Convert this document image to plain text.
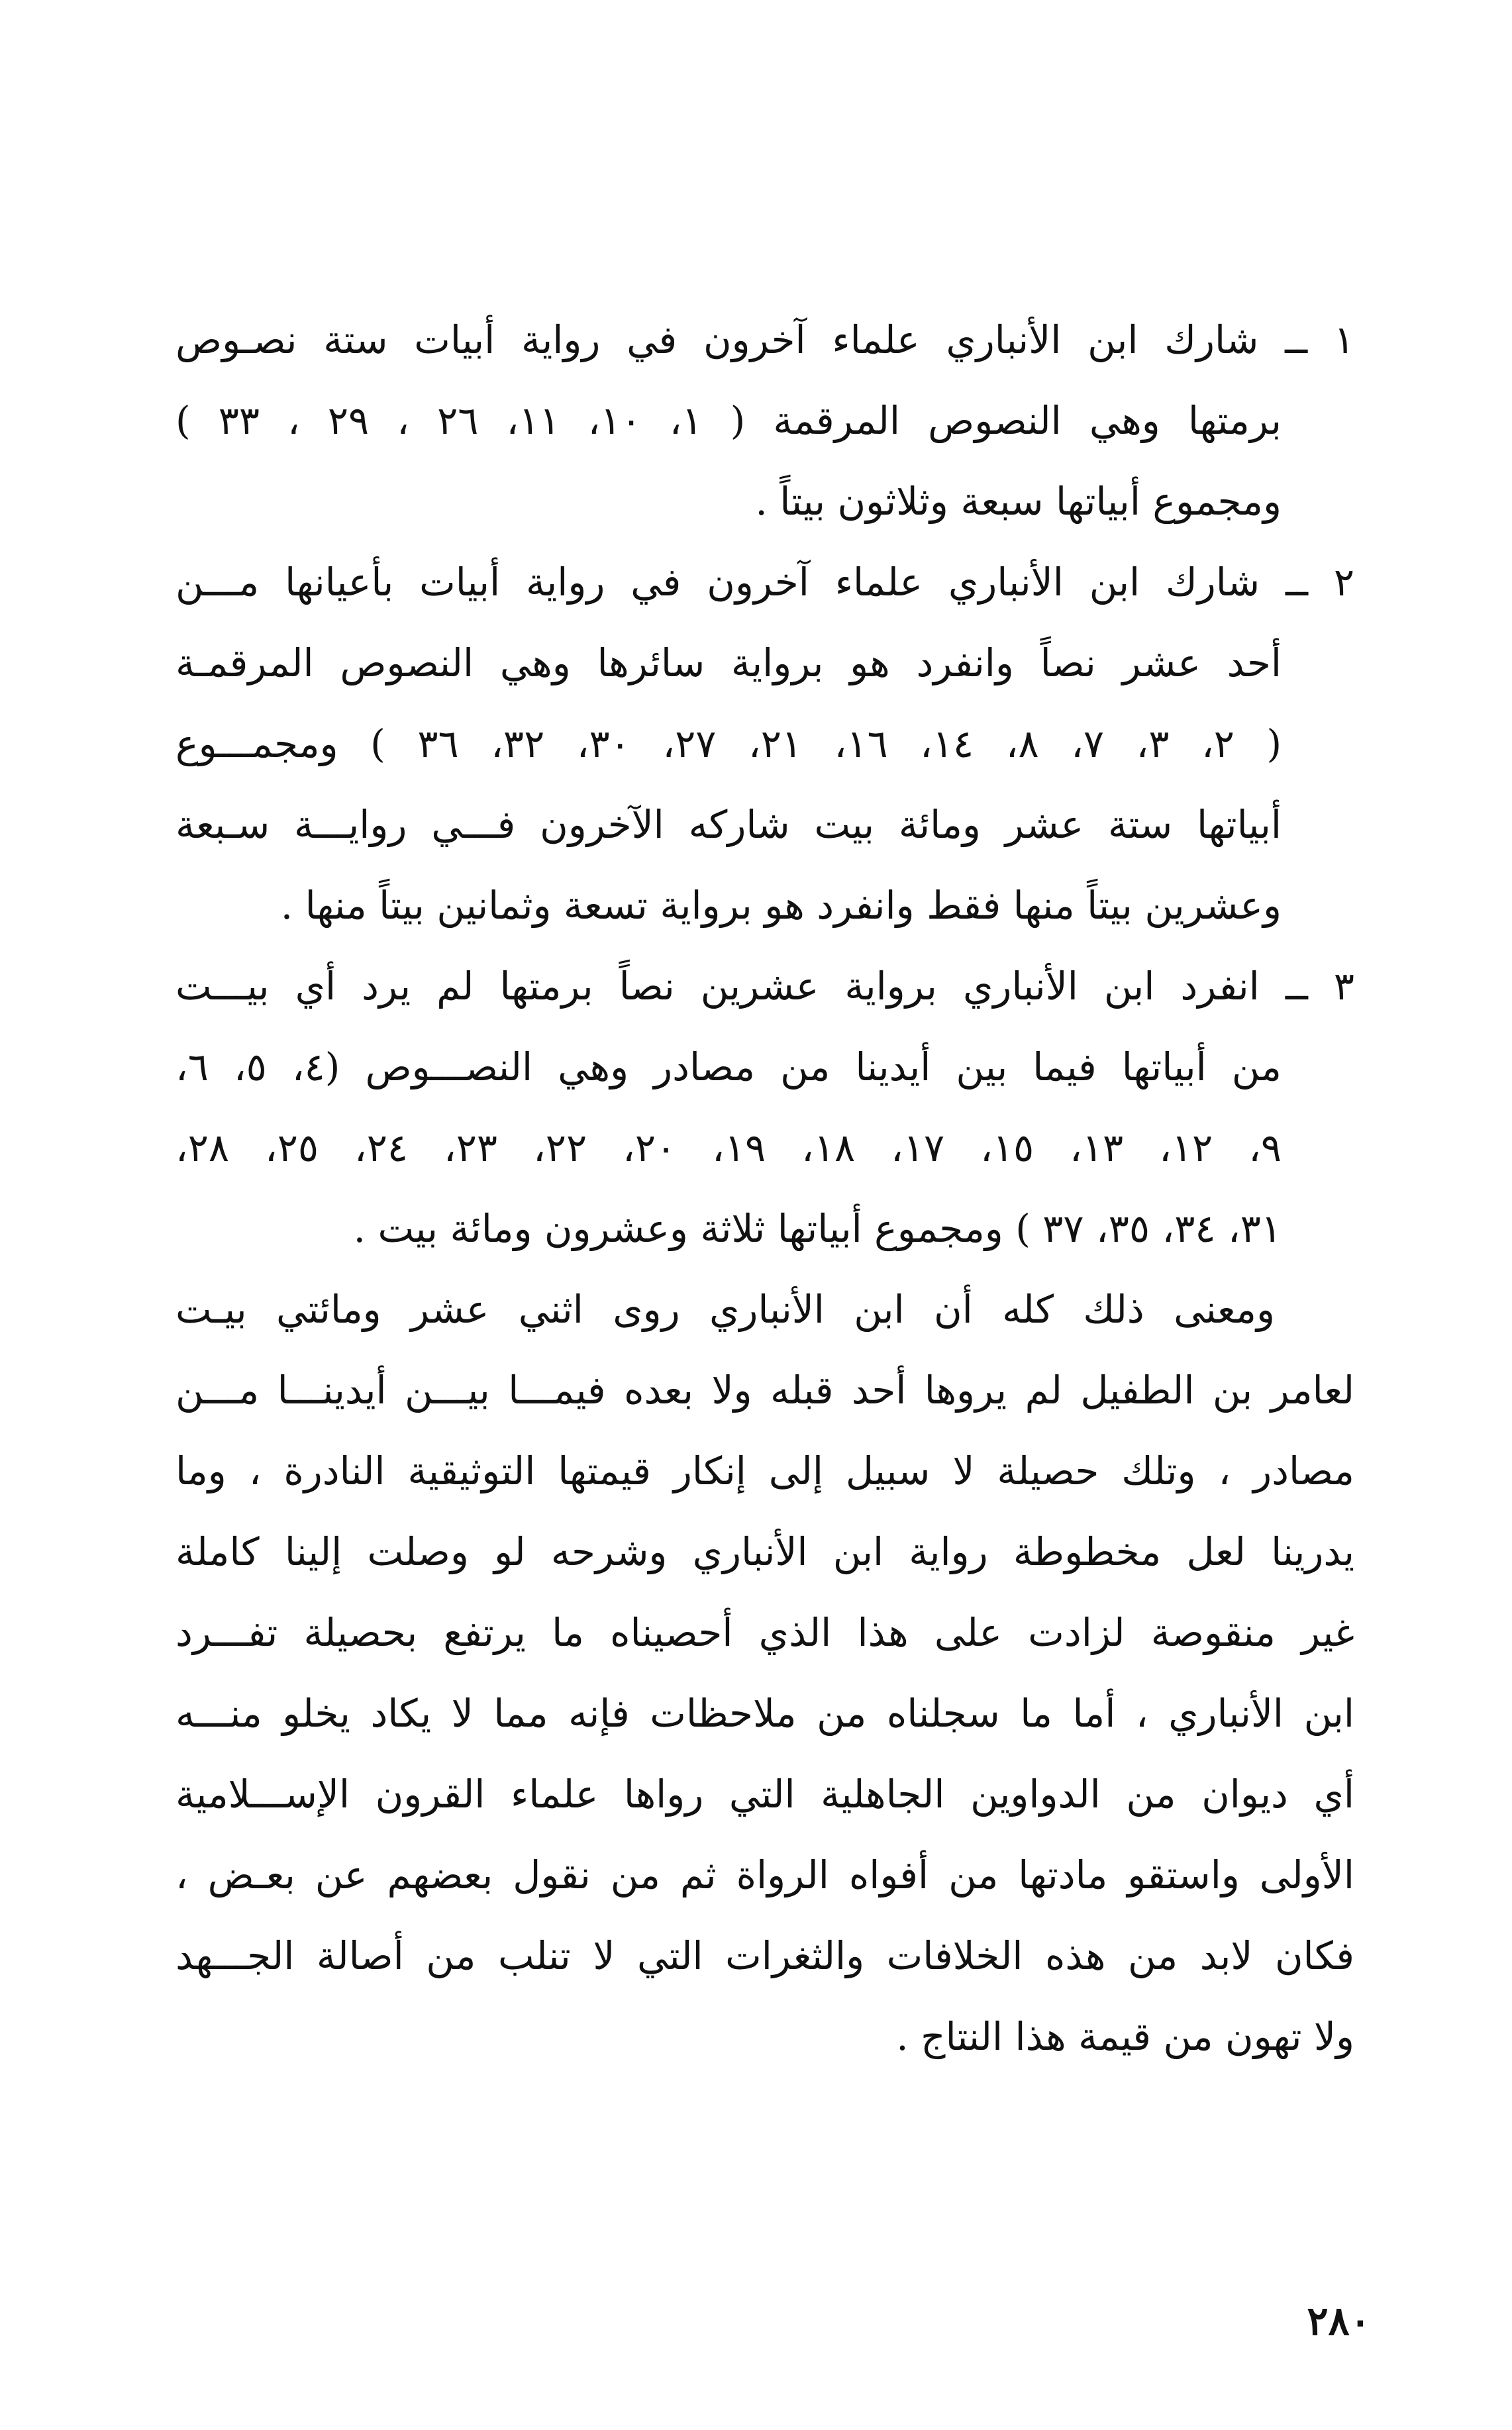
١ ــ شارك ابن الأنباري علماء آخرون في رواية أبيات ستة نصـوص
برمتها وهي النصوص المرقمة ( ١، ١٠، ١١، ٢٦ ، ٢٩ ، ٣٣ )
ومجموع أبياتها سبعة وثلاثون بيتاً .
٢ ــ شارك ابن الأنباري علماء آخرون في رواية أبيات بأعيانها مـــن
أحد عشر نصاً وانفرد هو برواية سائرها وهي النصوص المرقمـة
( ٢، ٣، ٧، ٨، ١٤، ١٦، ٢١، ٢٧، ٣٠، ٣٢، ٣٦ ) ومجمـــوع
أبياتها ستة عشر ومائة بيت شاركه الآخرون فـــي روايـــة سـبعة
وعشرين بيتاً منها فقط وانفرد هو برواية تسعة وثمانين بيتاً منها .
٣ ــ انفرد ابن الأنباري برواية عشرين نصاً برمتها لم يرد أي بيـــت
من أبياتها فيما بين أيدينا من مصادر وهي النصـــوص (٤، ٥، ٦،
٩، ١٢، ١٣، ١٥، ١٧، ١٨، ١٩، ٢٠، ٢٢، ٢٣، ٢٤، ٢٥، ٢٨،
٣١، ٣٤، ٣٥، ٣٧ ) ومجموع أبياتها ثلاثة وعشرون ومائة بيت .
ومعنى ذلك كله أن ابن الأنباري روى اثني عشر ومائتي بيـت
لعامر بن الطفيل لم يروها أحد قبله ولا بعده فيمـــا بيـــن أيدينـــا مـــن
مصادر ، وتلك حصيلة لا سبيل إلى إنكار قيمتها التوثيقية النادرة ، وما
يدرينا لعل مخطوطة رواية ابن الأنباري وشرحه لو وصلت إلينا كاملة
غير منقوصة لزادت على هذا الذي أحصيناه ما يرتفع بحصيلة تفـــرد
ابن الأنباري ، أما ما سجلناه من ملاحظات فإنه مما لا يكاد يخلو منـــه
أي ديوان من الدواوين الجاهلية التي رواها علماء القرون الإســـلامية
الأولى واستقو مادتها من أفواه الرواة ثم من نقول بعضهم عن بعـض ،
فكان لابد من هذه الخلافات والثغرات التي لا تنلب من أصالة الجـــهد
ولا تهون من قيمة هذا النتاج .
٢٨٠
